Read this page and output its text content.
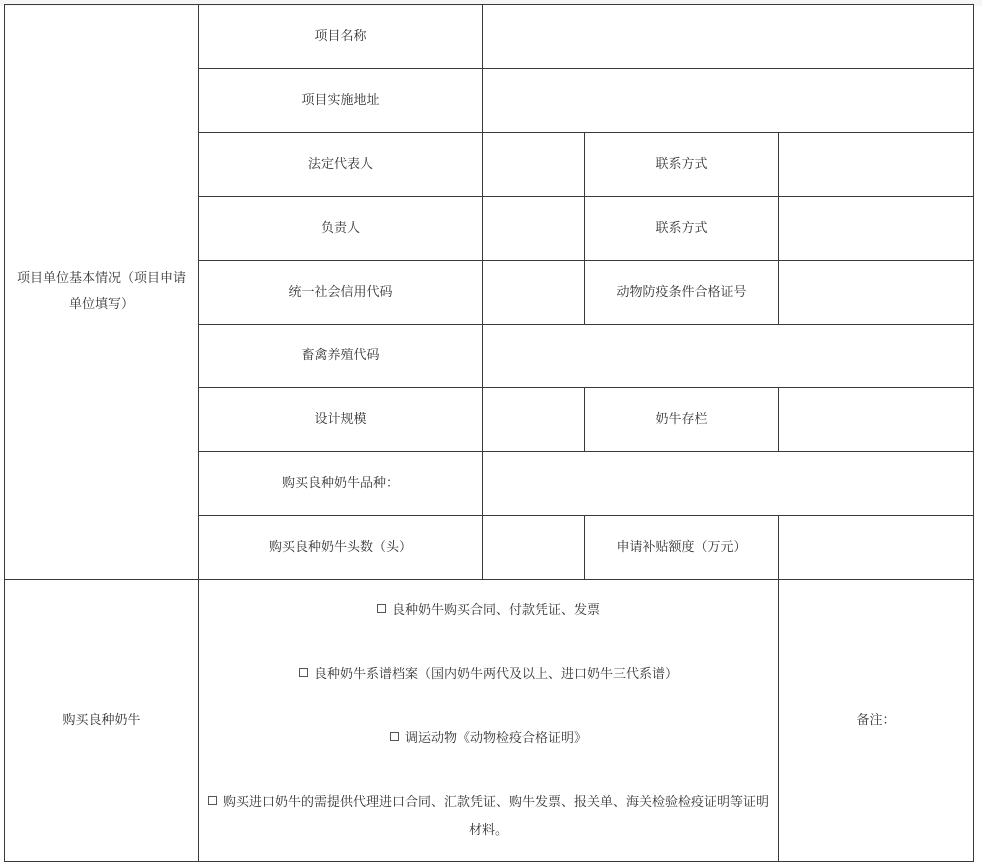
项目单位基本情况（项目申请单位填写）	项目名称			
	项目实施地址			
	法定代表人		联系方式	
	负责人		联系方式	
	统一社会信用代码		动物防疫条件合格证号	
	畜禽养殖代码			
	设计规模		奶牛存栏	
	购买良种奶牛品种：			
	购买良种奶牛头数（头）		申请补贴额度（万元）	
购买良种奶牛	良种奶牛购买合同、付款凭证、发票

良种奶牛系谱档案（国内奶牛两代及以上、进口奶牛三代系谱）

调运动物《动物检疫合格证明》

购买进口奶牛的需提供代理进口合同、汇款凭证、购牛发票、报关单、海关检验检疫证明等证明材料。			备注：
